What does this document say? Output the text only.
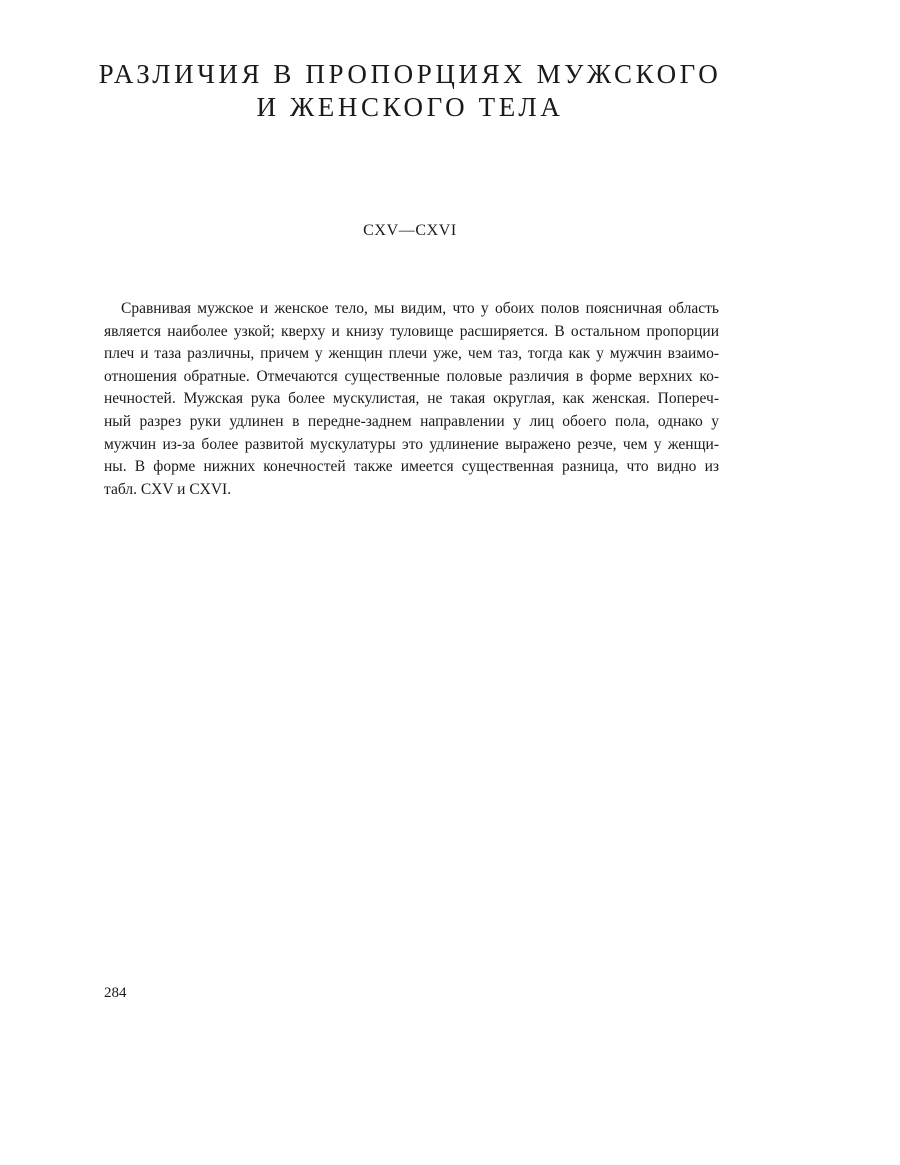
РАЗЛИЧИЯ В ПРОПОРЦИЯХ МУЖСКОГО
И ЖЕНСКОГО ТЕЛА

CXV—CXVI

Сравнивая мужское и женское тело, мы видим, что у обоих полов поясничная область
является наиболее узкой; кверху и книзу туловище расширяется. В остальном пропорции
плеч и таза различны, причем у женщин плечи уже, чем таз, тогда как у мужчин взаимо-
отношения обратные. Отмечаются существенные половые различия в форме верхних ко-
нечностей. Мужская рука более мускулистая, не такая округлая, как женская. Попереч-
ный разрез руки удлинен в передне-заднем направлении у лиц обоего пола, однако у
мужчин из-за более развитой мускулатуры это удлинение выражено резче, чем у женщи-
ны. В форме нижних конечностей также имеется существенная разница, что видно из
табл. CXV и CXVI.

284
